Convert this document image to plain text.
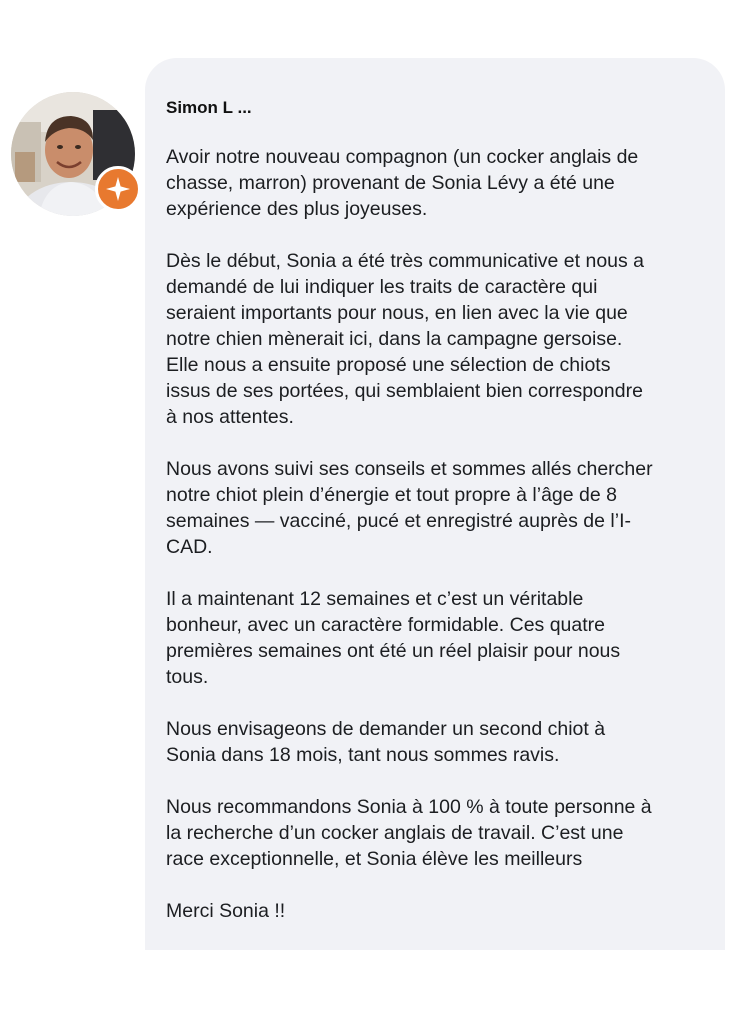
Simon L ...

Avoir notre nouveau compagnon (un cocker anglais de
chasse, marron) provenant de Sonia Lévy a été une
expérience des plus joyeuses.

Dès le début, Sonia a été très communicative et nous a
demandé de lui indiquer les traits de caractère qui
seraient importants pour nous, en lien avec la vie que
notre chien mènerait ici, dans la campagne gersoise.
Elle nous a ensuite proposé une sélection de chiots
issus de ses portées, qui semblaient bien correspondre
à nos attentes.

Nous avons suivi ses conseils et sommes allés chercher
notre chiot plein d’énergie et tout propre à l’âge de 8
semaines — vacciné, pucé et enregistré auprès de l’I-
CAD.

Il a maintenant 12 semaines et c’est un véritable
bonheur, avec un caractère formidable. Ces quatre
premières semaines ont été un réel plaisir pour nous
tous.

Nous envisageons de demander un second chiot à
Sonia dans 18 mois, tant nous sommes ravis.

Nous recommandons Sonia à 100 % à toute personne à
la recherche d’un cocker anglais de travail. C’est une
race exceptionnelle, et Sonia élève les meilleurs

Merci Sonia !!
